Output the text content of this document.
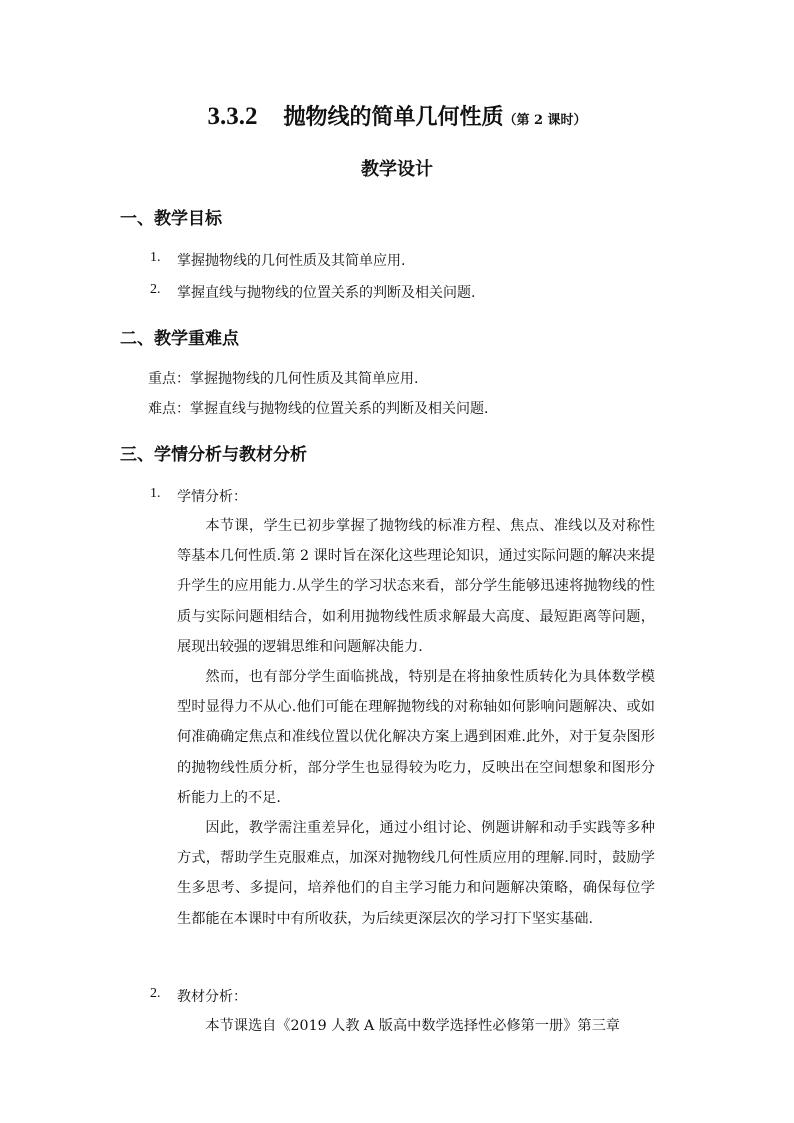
3.3.2 抛物线的简单几何性质（第 2 课时）
教学设计
一、教学目标
1. 掌握抛物线的几何性质及其简单应用.
2. 掌握直线与抛物线的位置关系的判断及相关问题.
二、教学重难点
重点：掌握抛物线的几何性质及其简单应用.
难点：掌握直线与抛物线的位置关系的判断及相关问题.
三、学情分析与教材分析
1. 学情分析：

本节课，学生已初步掌握了抛物线的标准方程、焦点、准线以及对称性等基本几何性质.第 2 课时旨在深化这些理论知识，通过实际问题的解决来提升学生的应用能力.从学生的学习状态来看，部分学生能够迅速将抛物线的性质与实际问题相结合，如利用抛物线性质求解最大高度、最短距离等问题，展现出较强的逻辑思维和问题解决能力.

然而，也有部分学生面临挑战，特别是在将抽象性质转化为具体数学模型时显得力不从心.他们可能在理解抛物线的对称轴如何影响问题解决、或如何准确确定焦点和准线位置以优化解决方案上遇到困难.此外，对于复杂图形的抛物线性质分析，部分学生也显得较为吃力，反映出在空间想象和图形分析能力上的不足.

因此，教学需注重差异化，通过小组讨论、例题讲解和动手实践等多种方式，帮助学生克服难点，加深对抛物线几何性质应用的理解.同时，鼓励学生多思考、多提问，培养他们的自主学习能力和问题解决策略，确保每位学生都能在本课时中有所收获，为后续更深层次的学习打下坚实基础.

2. 教材分析：

本节课选自《2019 人教 A 版高中数学选择性必修第一册》第三章
